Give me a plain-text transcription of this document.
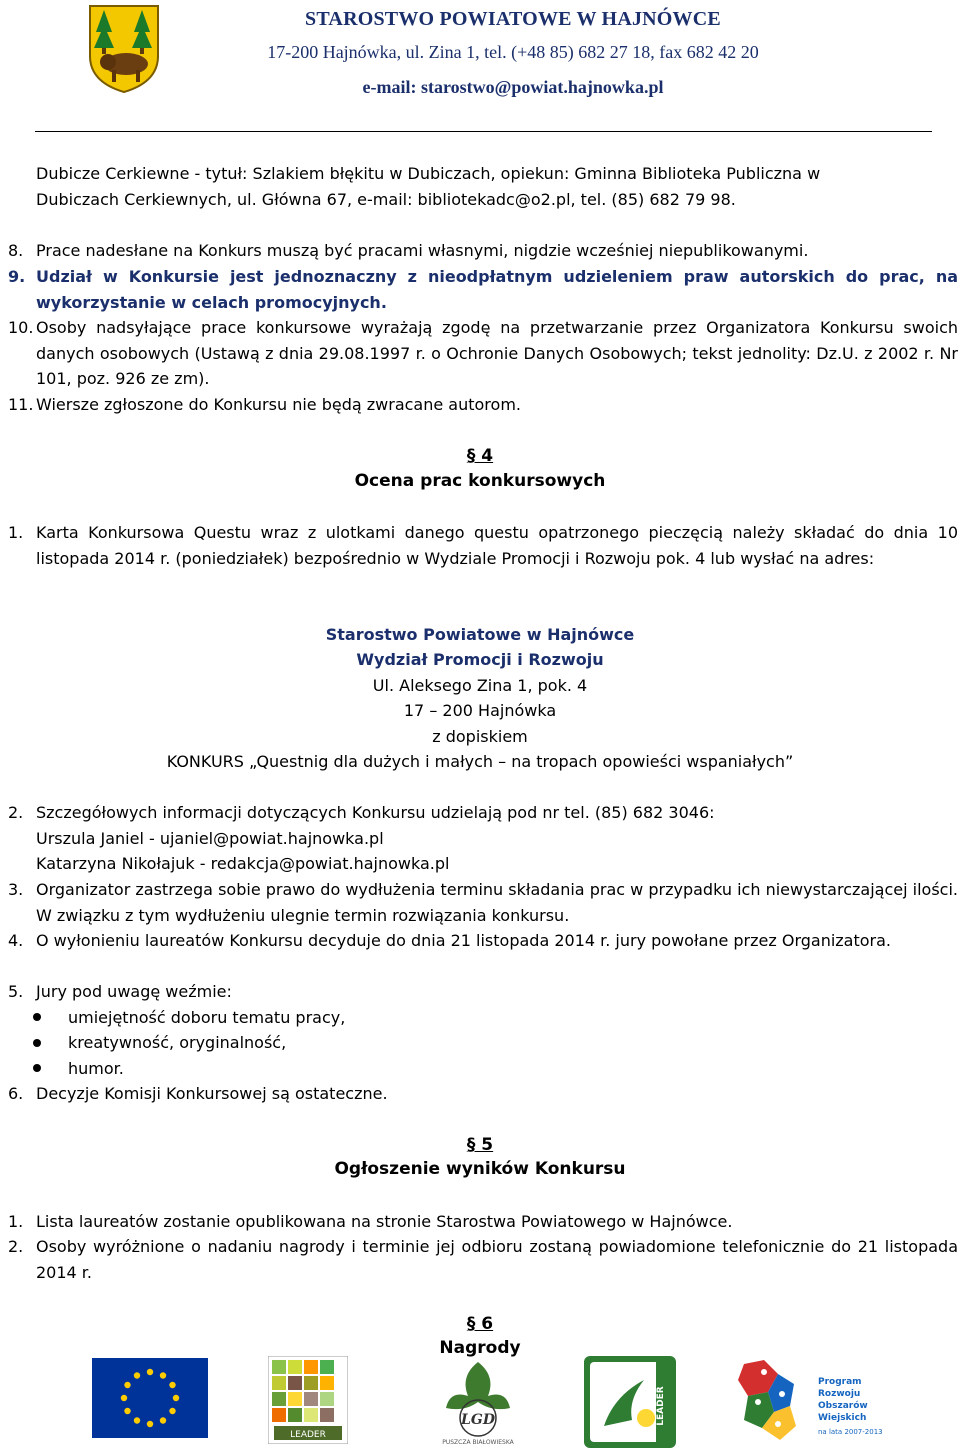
STAROSTWO POWIATOWE W HAJNÓWCE
17-200 Hajnówka, ul. Zina 1, tel. (+48 85) 682 27 18, fax 682 42 20
e-mail: starostwo@powiat.hajnowka.pl
Dubicze Cerkiewne - tytuł: Szlakiem błękitu w Dubiczach, opiekun: Gminna Biblioteka Publiczna w
Dubiczach Cerkiewnych, ul. Główna 67, e-mail: bibliotekadc@o2.pl, tel. (85) 682 79 98.
8. Prace nadesłane na Konkurs muszą być pracami własnymi, nigdzie wcześniej niepublikowanymi.
9. Udział w Konkursie jest jednoznaczny z nieodpłatnym udzieleniem praw autorskich do prac, na wykorzystanie w celach promocyjnych.
10. Osoby nadsyłające prace konkursowe wyrażają zgodę na przetwarzanie przez Organizatora Konkursu swoich danych osobowych (Ustawą z dnia 29.08.1997 r. o Ochronie Danych Osobowych; tekst jednolity: Dz.U. z 2002 r. Nr 101, poz. 926 ze zm).
11. Wiersze zgłoszone do Konkursu nie będą zwracane autorom.
§ 4
Ocena prac konkursowych
1. Karta Konkursowa Questu wraz z ulotkami danego questu opatrzonego pieczęcią należy składać do dnia 10 listopada 2014 r. (poniedziałek) bezpośrednio w Wydziale Promocji i Rozwoju pok. 4 lub wysłać na adres:
Starostwo Powiatowe w Hajnówce
Wydział Promocji i Rozwoju
Ul. Aleksego Zina 1, pok. 4
17 – 200 Hajnówka
z dopiskiem
KONKURS „Questnig dla dużych i małych – na tropach opowieści wspaniałych”
2. Szczegółowych informacji dotyczących Konkursu udzielają pod nr tel. (85) 682 3046:
Urszula Janiel - ujaniel@powiat.hajnowka.pl
Katarzyna Nikołajuk - redakcja@powiat.hajnowka.pl
3. Organizator zastrzega sobie prawo do wydłużenia terminu składania prac w przypadku ich niewystarczającej ilości. W związku z tym wydłużeniu ulegnie termin rozwiązania konkursu.
4. O wyłonieniu laureatów Konkursu decyduje do dnia 21 listopada 2014 r. jury powołane przez Organizatora.
5. Jury pod uwagę weźmie:
umiejętność doboru tematu pracy,
kreatywność, oryginalność,
humor.
6. Decyzje Komisji Konkursowej są ostateczne.
§ 5
Ogłoszenie wyników Konkursu
1. Lista laureatów zostanie opublikowana na stronie Starostwa Powiatowego w Hajnówce.
2. Osoby wyróżnione o nadaniu nagrody i terminie jej odbioru zostaną powiadomione telefonicznie do 21 listopada 2014 r.
§ 6
Nagrody
LEADER
LGD
PUSZCZA BIAŁOWIESKA
LEADER
Program
Rozwoju
Obszarów
Wiejskich
na lata 2007-2013
